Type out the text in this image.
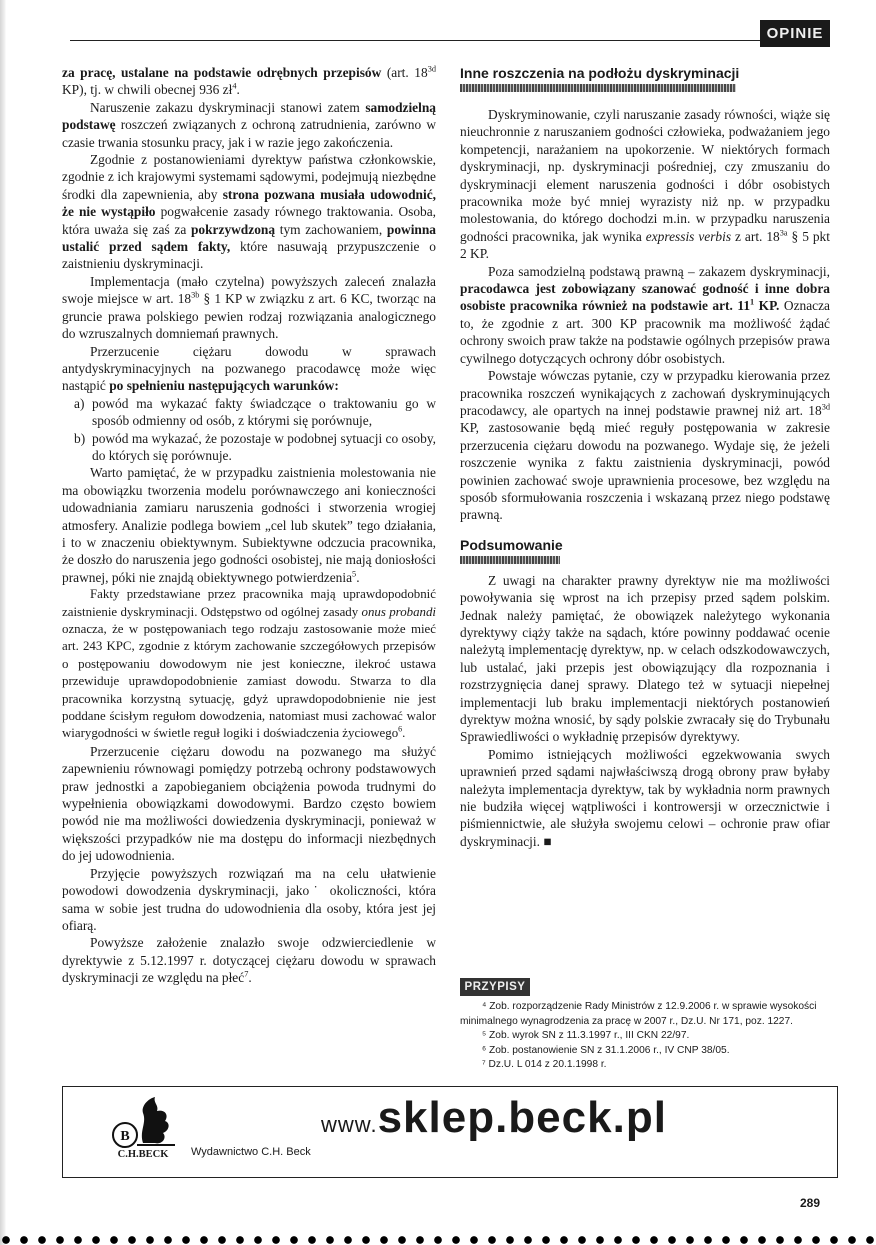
OPINIE

za pracę, ustalane na podstawie odrębnych przepisów (art. $18^{3d}$ KP), tj. w chwili obecnej 936 $zł^4$.

Naruszenie zakazu dyskryminacji stanowi zatem samodzielną podstawę roszczeń związanych z ochroną zatrudnienia, zarówno w czasie trwania stosunku pracy, jak i w razie jego zakończenia.

Zgodnie z postanowieniami dyrektyw państwa członkowskie, zgodnie z ich krajowymi systemami sądowymi, podejmują niezbędne środki dla zapewnienia, aby strona pozwana musiała udowodnić, że nie wystąpiło pogwałcenie zasady równego traktowania. Osoba, która uważa się zaś za pokrzywdzoną tym zachowaniem, powinna ustalić przed sądem fakty, które nasuwają przypuszczenie o zaistnieniu dyskryminacji.

Implementacja (mało czytelna) powyższych zaleceń znalazła swoje miejsce w art. $18^{3b}$ § 1 KP w związku z art. 6 KC, tworząc na gruncie prawa polskiego pewien rodzaj rozwiązania analogicznego do wzruszalnych domniemań prawnych.

Przerzucenie ciężaru dowodu w sprawach antydyskryminacyjnych na pozwanego pracodawcę może więc nastąpić po spełnieniu następujących warunków:

a) powód ma wykazać fakty świadczące o traktowaniu go w sposób odmienny od osób, z którymi się porównuje,
b) powód ma wykazać, że pozostaje w podobnej sytuacji co osoby, do których się porównuje.

Warto pamiętać, że w przypadku zaistnienia molestowania nie ma obowiązku tworzenia modelu porównawczego ani konieczności udowadniania zamiaru naruszenia godności i stworzenia wrogiej atmosfery. Analizie podlega bowiem „cel lub skutek” tego działania, i to w znaczeniu obiektywnym. Subiektywne odczucia pracownika, że doszło do naruszenia jego godności osobistej, nie mają doniosłości prawnej, póki nie znajdą obiektywnego potwierdzenia$^5$.

Fakty przedstawiane przez pracownika mają uprawdopodobnić zaistnienie dyskryminacji. Odstępstwo od ogólnej zasady onus probandi oznacza, że w postępowaniach tego rodzaju zastosowanie może mieć art. 243 KPC, zgodnie z którym zachowanie szczegółowych przepisów o postępowaniu dowodowym nie jest konieczne, ilekroć ustawa przewiduje uprawdopodobnienie zamiast dowodu. Stwarza to dla pracownika korzystną sytuację, gdyż uprawdopodobnienie nie jest poddane ścisłym regułom dowodzenia, natomiast musi zachować walor wiarygodności w świetle reguł logiki i doświadczenia życiowego$^6$.

Przerzucenie ciężaru dowodu na pozwanego ma służyć zapewnieniu równowagi pomiędzy potrzebą ochrony podstawowych praw jednostki a zapobieganiem obciążenia powoda trudnymi do wypełnienia obowiązkami dowodowymi. Bardzo często bowiem powód nie ma możliwości dowiedzenia dyskryminacji, ponieważ w większości przypadków nie ma dostępu do informacji niezbędnych do jej udowodnienia.

Przyjęcie powyższych rozwiązań ma na celu ułatwienie powodowi dowodzenia dyskryminacji, jako˙ okoliczności, która sama w sobie jest trudna do udowodnienia dla osoby, która jest jej ofiarą.

Powyższe założenie znalazło swoje odzwierciedlenie w dyrektywie z 5.12.1997 r. dotyczącej ciężaru dowodu w sprawach dyskryminacji ze względu na płeć$^7$.

Inne roszczenia na podłożu dyskryminacji

Dyskryminowanie, czyli naruszanie zasady równości, wiąże się nieuchronnie z naruszaniem godności człowieka, podważaniem jego kompetencji, narażaniem na upokorzenie. W niektórych formach dyskryminacji, np. dyskryminacji pośredniej, czy zmuszaniu do dyskryminacji element naruszenia godności i dóbr osobistych pracownika może być mniej wyrazisty niż np. w przypadku molestowania, do którego dochodzi m.in. w przypadku naruszenia godności pracownika, jak wynika expressis verbis z art. $18^{3a}$ § 5 pkt 2 KP.

Poza samodzielną podstawą prawną – zakazem dyskryminacji, pracodawca jest zobowiązany szanować godność i inne dobra osobiste pracownika również na podstawie art. $11^1$ KP. Oznacza to, że zgodnie z art. 300 KP pracownik ma możliwość żądać ochrony swoich praw także na podstawie ogólnych przepisów prawa cywilnego dotyczących ochrony dóbr osobistych.

Powstaje wówczas pytanie, czy w przypadku kierowania przez pracownika roszczeń wynikających z zachowań dyskryminujących pracodawcy, ale opartych na innej podstawie prawnej niż art. $18^{3d}$ KP, zastosowanie będą mieć reguły postępowania w zakresie przerzucenia ciężaru dowodu na pozwanego. Wydaje się, że jeżeli roszczenie wynika z faktu zaistnienia dyskryminacji, powód powinien zachować swoje uprawnienia procesowe, bez względu na sposób sformułowania roszczenia i wskazaną przez niego podstawę prawną.

Podsumowanie

Z uwagi na charakter prawny dyrektyw nie ma możliwości powoływania się wprost na ich przepisy przed sądem polskim. Jednak należy pamiętać, że obowiązek należytego wykonania dyrektywy ciąży także na sądach, które powinny poddawać ocenie należytą implementację dyrektyw, np. w celach odszkodowawczych, lub ustalać, jaki przepis jest obowiązujący dla rozpoznania i rozstrzygnięcia danej sprawy. Dlatego też w sytuacji niepełnej implementacji lub braku implementacji niektórych postanowień dyrektyw można wnosić, by sądy polskie zwracały się do Trybunału Sprawiedliwości o wykładnię przepisów dyrektywy.

Pomimo istniejących możliwości egzekwowania swych uprawnień przed sądami najwłaściwszą drogą obrony praw byłaby należyta implementacja dyrektyw, tak by wykładnia norm prawnych nie budziła więcej wątpliwości i kontrowersji w orzecznictwie i piśmiennictwie, ale służyła swojemu celowi – ochronie praw ofiar dyskryminacji. ■

PRZYPISY
⁴ Zob. rozporządzenie Rady Ministrów z 12.9.2006 r. w sprawie wysokości minimalnego wynagrodzenia za pracę w 2007 r., Dz.U. Nr 171, poz. 1227.
⁵ Zob. wyrok SN z 11.3.1997 r., III CKN 22/97.
⁶ Zob. postanowienie SN z 31.1.2006 r., IV CNP 38/05.
⁷ Dz.U. L 014 z 20.1.1998 r.
B
C.H.BECK	Wydawnictwo C.H. Beck
www.sklep.beck.pl
289
